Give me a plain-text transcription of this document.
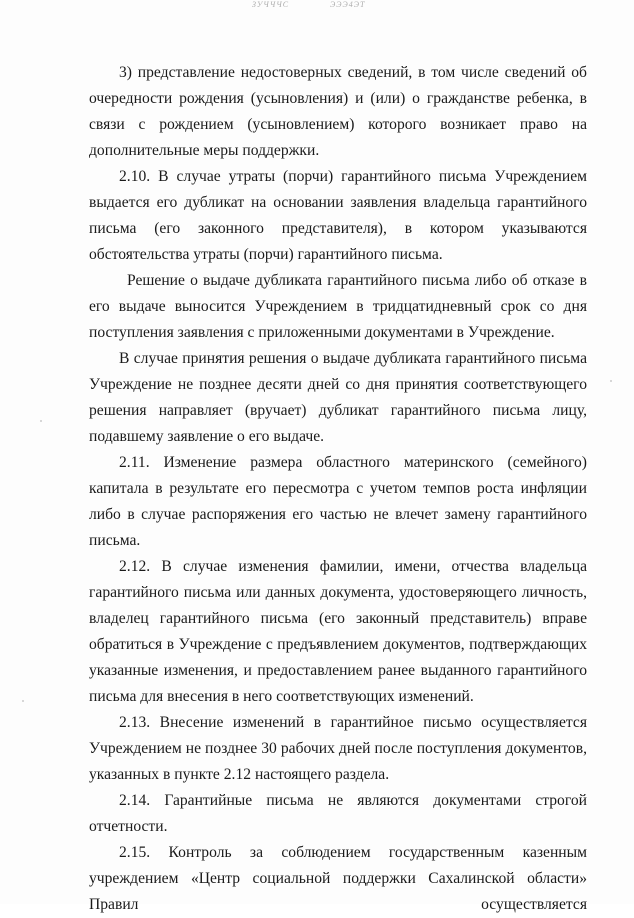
ЗУЧЧЧС	ЭЭЭ4ЭТ

3) представление недостоверных сведений, в том числе сведений об очередности рождения (усыновления) и (или) о гражданстве ребенка, в связи с рождением (усыновлением) которого возникает право на дополнительные меры поддержки.

2.10. В случае утраты (порчи) гарантийного письма Учреждением выдается его дубликат на основании заявления владельца гарантийного письма (его законного представителя), в котором указываются обстоятельства утраты (порчи) гарантийного письма.

Решение о выдаче дубликата гарантийного письма либо об отказе в его выдаче выносится Учреждением в тридцатидневный срок со дня поступления заявления с приложенными документами в Учреждение.

В случае принятия решения о выдаче дубликата гарантийного письма Учреждение не позднее десяти дней со дня принятия соответствующего решения направляет (вручает) дубликат гарантийного письма лицу, подавшему заявление о его выдаче.

2.11. Изменение размера областного материнского (семейного) капитала в результате его пересмотра с учетом темпов роста инфляции либо в случае распоряжения его частью не влечет замену гарантийного письма.

2.12. В случае изменения фамилии, имени, отчества владельца гарантийного письма или данных документа, удостоверяющего личность, владелец гарантийного письма (его законный представитель) вправе обратиться в Учреждение с предъявлением документов, подтверждающих указанные изменения, и предоставлением ранее выданного гарантийного письма для внесения в него соответствующих изменений.

2.13. Внесение изменений в гарантийное письмо осуществляется Учреждением не позднее 30 рабочих дней после поступления документов, указанных в пункте 2.12 настоящего раздела.

2.14. Гарантийные письма не являются документами строгой отчетности.

2.15. Контроль за соблюдением государственным казенным учреждением «Центр социальной поддержки Сахалинской области» Правил осуществляется
